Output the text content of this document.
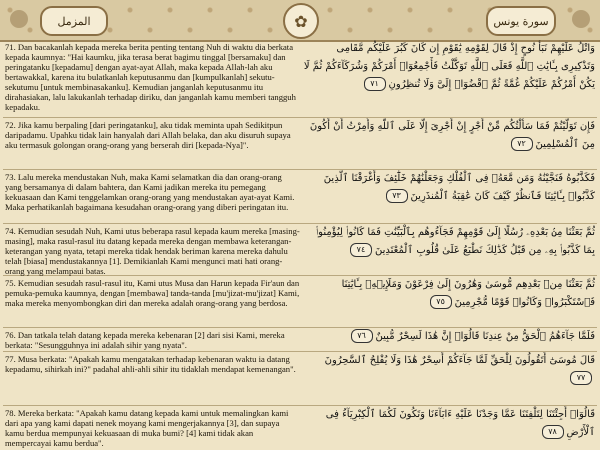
المزمل	✿	سورة يونس
71. Dan bacakanlah kepada mereka berita penting tentang Nuh di waktu dia berkata kepada kaumnya: "Hai kaumku, jika terasa berat bagimu tinggal [bersamaku] dan peringatanku [kepadamu] dengan ayat-ayat Allah, maka kepada Allah-lah aku bertawakkal, karena itu bulatkanlah keputusanmu dan [kumpulkanlah] sekutu-sekutumu [untuk membinasakanku]. Kemudian janganlah keputusanmu itu dirahasiakan, lalu lakukanlah terhadap diriku, dan janganlah kamu memberi tangguh kepadaku.
وَاتْلُ عَلَيْهِمْ نَبَأَ نُوحٍ إِذْ قَالَ لِقَوْمِهِ يَٰقَوْمِ إِن كَانَ كَبُرَ عَلَيْكُم مَّقَامِى وَتَذْكِيرِى بِـَٔايَٰتِ ٱللَّهِ فَعَلَى ٱللَّهِ تَوَكَّلْتُ فَأَجْمِعُوٓا۟ أَمْرَكُمْ وَشُرَكَآءَكُمْ ثُمَّ لَا يَكُنْ أَمْرُكُمْ عَلَيْكُمْ غُمَّةً ثُمَّ ٱقْضُوٓا۟ إِلَىَّ وَلَا تُنظِرُونِ٧١
72. Jika kamu berpaling [dari peringatanku], aku tidak meminta upah Sedikitpun daripadamu. Upahku tidak lain hanyalah dari Allah belaka, dan aku disuruh supaya aku termasuk golongan orang-orang yang berserah diri [kepada-Nya]".
فَإِن تَوَلَّيْتُمْ فَمَا سَأَلْتُكُم مِّنْ أَجْرٍ إِنْ أَجْرِىَ إِلَّا عَلَى ٱللَّهِ وَأُمِرْتُ أَنْ أَكُونَ مِنَ ٱلْمُسْلِمِينَ٧٢
73. Lalu mereka mendustakan Nuh, maka Kami selamatkan dia dan orang-orang yang bersamanya di dalam bahtera, dan Kami jadikan mereka itu pemegang kekuasaan dan Kami tenggelamkan orang-orang yang mendustakan ayat-ayat Kami. Maka perhatikanlah bagaimana kesudahan orang-orang yang diberi peringatan itu.
فَكَذَّبُوهُ فَنَجَّيْنَٰهُ وَمَن مَّعَهُۥ فِى ٱلْفُلْكِ وَجَعَلْنَٰهُمْ خَلَٰٓئِفَ وَأَغْرَقْنَا ٱلَّذِينَ كَذَّبُوا۟ بِـَٔايَٰتِنَا فَٱنظُرْ كَيْفَ كَانَ عَٰقِبَةُ ٱلْمُنذَرِينَ٧٣
74. Kemudian sesudah Nuh, Kami utus beberapa rasul kepada kaum mereka [masing-masing], maka rasul-rasul itu datang kepada mereka dengan membawa keterangan-keterangan yang nyata, tetapi mereka tidak hendak beriman karena mereka dahulu telah [biasa] mendustakannya [1]. Demikianlah Kami mengunci mati hati orang-orang yang melampaui batas.
ثُمَّ بَعَثْنَا مِنۢ بَعْدِهِۦ رُسُلًا إِلَىٰ قَوْمِهِمْ فَجَآءُوهُم بِٱلْبَيِّنَٰتِ فَمَا كَانُوا۟ لِيُؤْمِنُوا۟ بِمَا كَذَّبُوا۟ بِهِۦ مِن قَبْلُ كَذَٰلِكَ نَطْبَعُ عَلَىٰ قُلُوبِ ٱلْمُعْتَدِينَ٧٤
75. Kemudian sesudah rasul-rasul itu, Kami utus Musa dan Harun kepada Fir'aun dan pemuka-pemuka kaumnya, dengan [membawa] tanda-tanda [mu'jizat-mu'jizat] Kami, maka mereka menyombongkan diri dan mereka adalah orang-orang yang berdosa.
ثُمَّ بَعَثْنَا مِنۢ بَعْدِهِم مُّوسَىٰ وَهَٰرُونَ إِلَىٰ فِرْعَوْنَ وَمَلَإِي۟هِۦ بِـَٔايَٰتِنَا فَٱسْتَكْبَرُوا۟ وَكَانُوا۟ قَوْمًا مُّجْرِمِينَ٧٥
76. Dan tatkala telah datang kepada mereka kebenaran [2] dari sisi Kami, mereka berkata: "Sesungguhnya ini adalah sihir yang nyata".
فَلَمَّا جَآءَهُمُ ٱلْحَقُّ مِنْ عِندِنَا قَالُوٓا۟ إِنَّ هَٰذَا لَسِحْرٌ مُّبِينٌ٧٦
77. Musa berkata: "Apakah kamu mengatakan terhadap kebenaran waktu ia datang kepadamu, sihirkah ini?" padahal ahli-ahli sihir itu tidaklah mendapat kemenangan".
قَالَ مُوسَىٰٓ أَتَقُولُونَ لِلْحَقِّ لَمَّا جَآءَكُمْ أَسِحْرٌ هَٰذَا وَلَا يُفْلِحُ ٱلسَّٰحِرُونَ٧٧
78. Mereka berkata: "Apakah kamu datang kepada kami untuk memalingkan kami dari apa yang kami dapati nenek moyang kami mengerjakannya [3], dan supaya kamu berdua mempunyai kekuasaan di muka bumi? [4] kami tidak akan mempercayai kamu berdua".
قَالُوٓا۟ أَجِئْتَنَا لِتَلْفِتَنَا عَمَّا وَجَدْنَا عَلَيْهِ ءَابَآءَنَا وَتَكُونَ لَكُمَا ٱلْكِبْرِيَآءُ فِى ٱلْأَرْضِ٧٨
